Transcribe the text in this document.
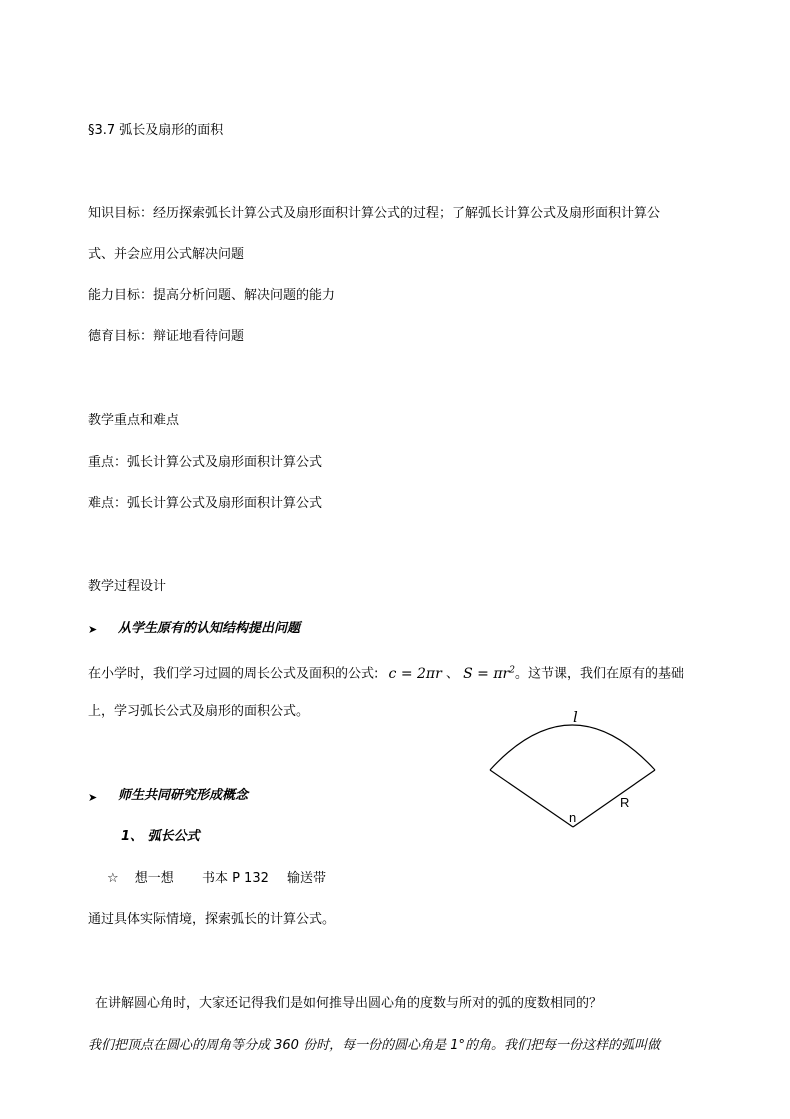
§3.7 弧长及扇形的面积
知识目标：经历探索弧长计算公式及扇形面积计算公式的过程；了解弧长计算公式及扇形面积计算公
式、并会应用公式解决问题
能力目标：提高分析问题、解决问题的能力
德育目标：辩证地看待问题
教学重点和难点
重点：弧长计算公式及扇形面积计算公式
难点：弧长计算公式及扇形面积计算公式
教学过程设计
➤ 从学生原有的认知结构提出问题
在小学时，我们学习过圆的周长公式及面积的公式: c = 2πr 、 $S = \pi r^2$。这节课，我们在原有的基础
上，学习弧长公式及扇形的面积公式。	l
R
n
➤ 师生共同研究形成概念
1、 弧长公式
☆ 想一想 书本 P 132 输送带
通过具体实际情境，探索弧长的计算公式。
在讲解圆心角时，大家还记得我们是如何推导出圆心角的度数与所对的弧的度数相同的？
我们把顶点在圆心的周角等分成 360 份时，每一份的圆心角是 1°的角。我们把每一份这样的弧叫做
